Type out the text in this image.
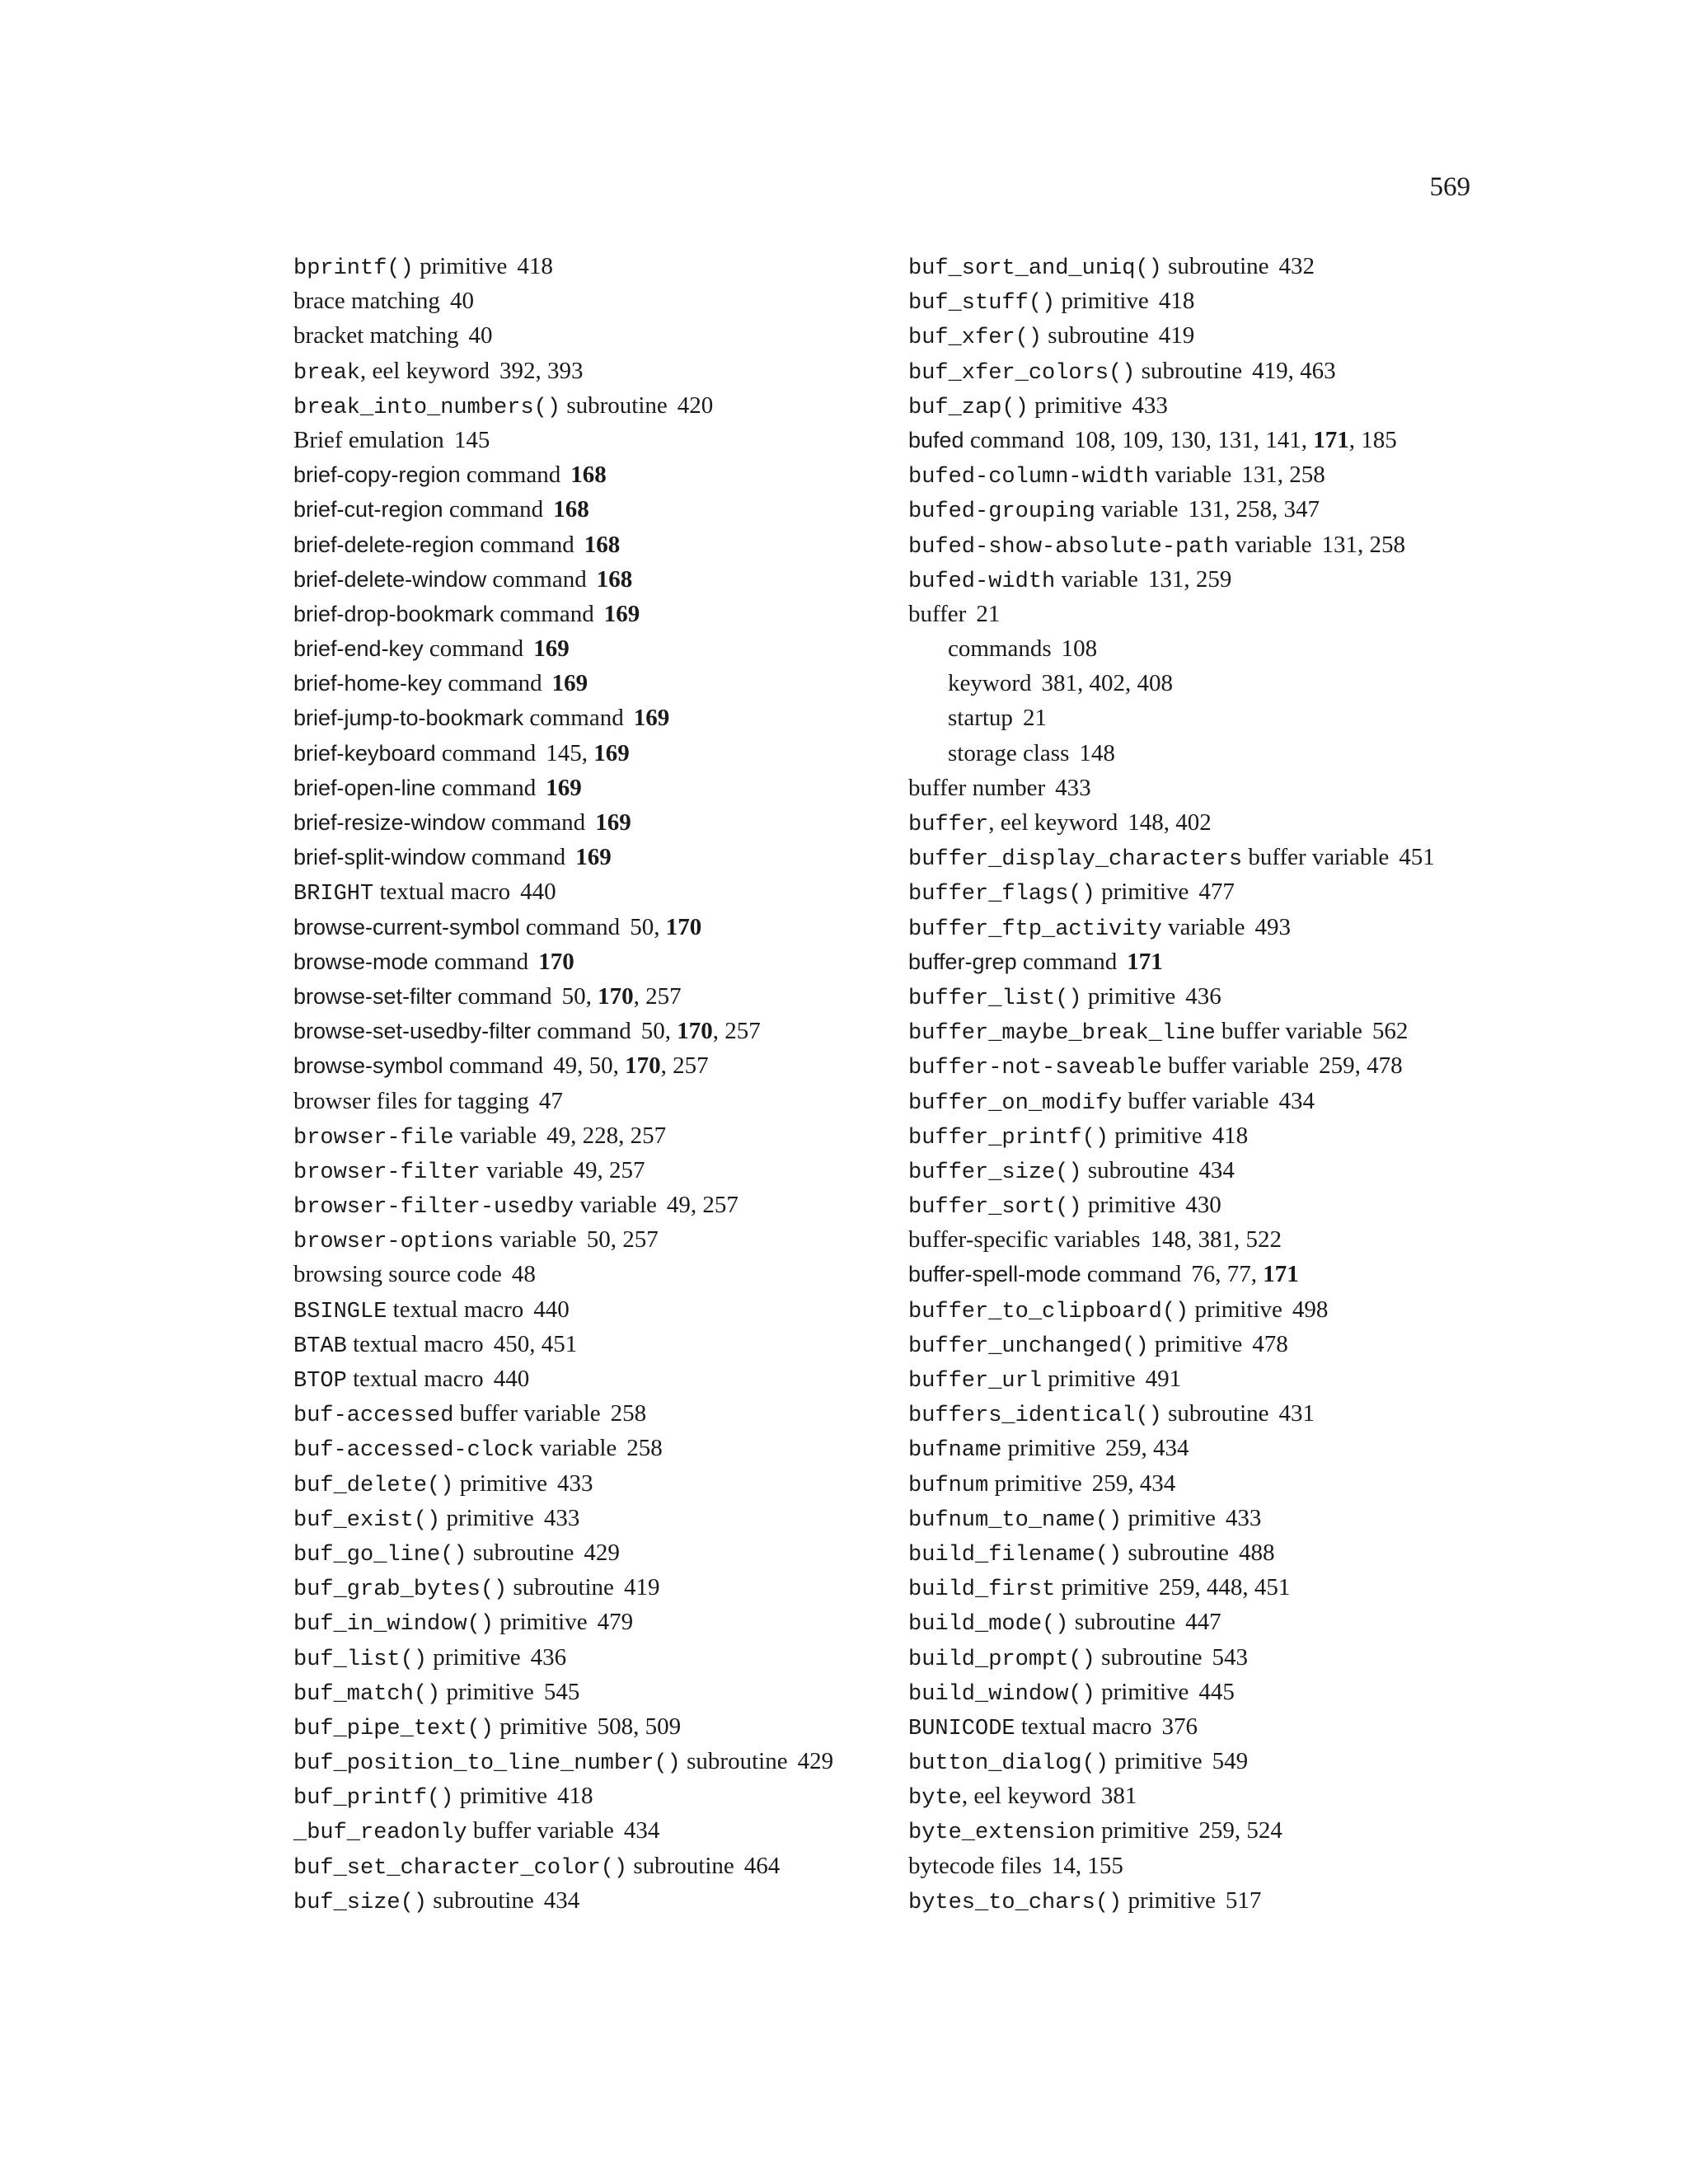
569
bprintf() primitive 418
brace matching 40
bracket matching 40
break, eel keyword 392, 393
break_into_numbers() subroutine 420
Brief emulation 145
brief-copy-region command 168
brief-cut-region command 168
brief-delete-region command 168
brief-delete-window command 168
brief-drop-bookmark command 169
brief-end-key command 169
brief-home-key command 169
brief-jump-to-bookmark command 169
brief-keyboard command 145, 169
brief-open-line command 169
brief-resize-window command 169
brief-split-window command 169
BRIGHT textual macro 440
browse-current-symbol command 50, 170
browse-mode command 170
browse-set-filter command 50, 170, 257
browse-set-usedby-filter command 50, 170, 257
browse-symbol command 49, 50, 170, 257
browser files for tagging 47
browser-file variable 49, 228, 257
browser-filter variable 49, 257
browser-filter-usedby variable 49, 257
browser-options variable 50, 257
browsing source code 48
BSINGLE textual macro 440
BTAB textual macro 450, 451
BTOP textual macro 440
buf-accessed buffer variable 258
buf-accessed-clock variable 258
buf_delete() primitive 433
buf_exist() primitive 433
buf_go_line() subroutine 429
buf_grab_bytes() subroutine 419
buf_in_window() primitive 479
buf_list() primitive 436
buf_match() primitive 545
buf_pipe_text() primitive 508, 509
buf_position_to_line_number() subroutine 429
buf_printf() primitive 418
_buf_readonly buffer variable 434
buf_set_character_color() subroutine 464
buf_size() subroutine 434
buf_sort_and_uniq() subroutine 432
buf_stuff() primitive 418
buf_xfer() subroutine 419
buf_xfer_colors() subroutine 419, 463
buf_zap() primitive 433
bufed command 108, 109, 130, 131, 141, 171, 185
bufed-column-width variable 131, 258
bufed-grouping variable 131, 258, 347
bufed-show-absolute-path variable 131, 258
bufed-width variable 131, 259
buffer 21
commands 108
keyword 381, 402, 408
startup 21
storage class 148
buffer number 433
buffer, eel keyword 148, 402
buffer_display_characters buffer variable 451
buffer_flags() primitive 477
buffer_ftp_activity variable 493
buffer-grep command 171
buffer_list() primitive 436
buffer_maybe_break_line buffer variable 562
buffer-not-saveable buffer variable 259, 478
buffer_on_modify buffer variable 434
buffer_printf() primitive 418
buffer_size() subroutine 434
buffer_sort() primitive 430
buffer-specific variables 148, 381, 522
buffer-spell-mode command 76, 77, 171
buffer_to_clipboard() primitive 498
buffer_unchanged() primitive 478
buffer_url primitive 491
buffers_identical() subroutine 431
bufname primitive 259, 434
bufnum primitive 259, 434
bufnum_to_name() primitive 433
build_filename() subroutine 488
build_first primitive 259, 448, 451
build_mode() subroutine 447
build_prompt() subroutine 543
build_window() primitive 445
BUNICODE textual macro 376
button_dialog() primitive 549
byte, eel keyword 381
byte_extension primitive 259, 524
bytecode files 14, 155
bytes_to_chars() primitive 517
